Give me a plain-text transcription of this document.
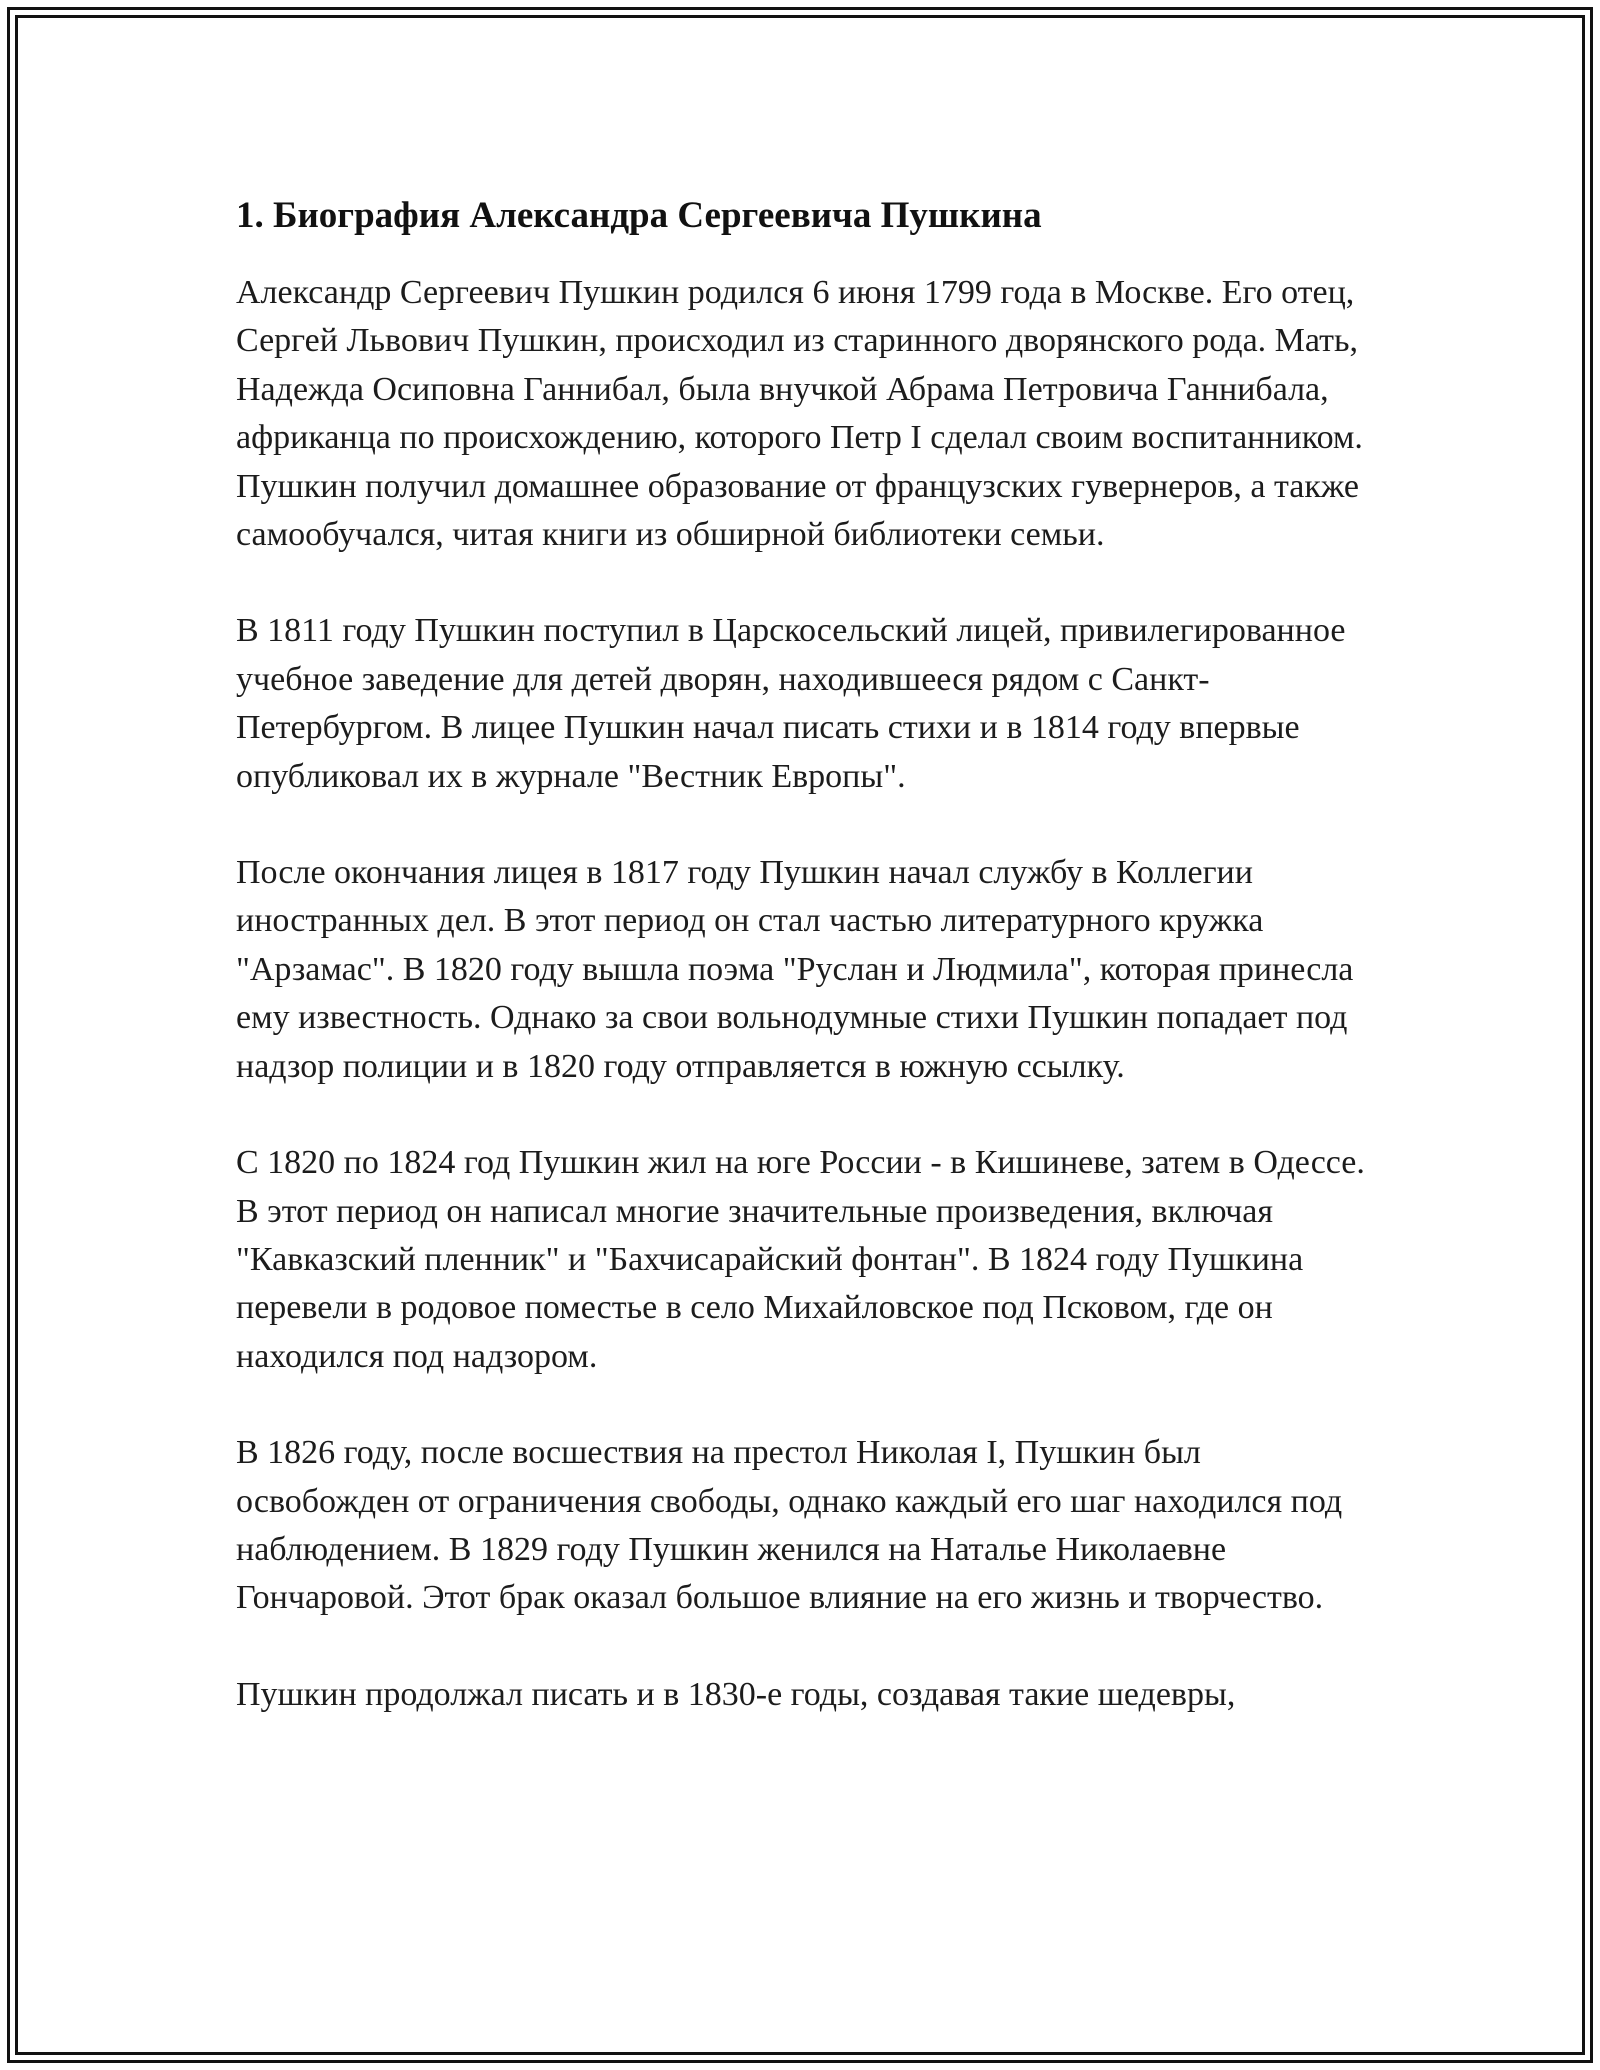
1. Биография Александра Сергеевича Пушкина

Александр Сергеевич Пушкин родился 6 июня 1799 года в Москве. Его отец, Сергей Львович Пушкин, происходил из старинного дворянского рода. Мать, Надежда Осиповна Ганнибал, была внучкой Абрама Петровича Ганнибала, африканца по происхождению, которого Петр I сделал своим воспитанником. Пушкин получил домашнее образование от французских гувернеров, а также самообучался, читая книги из обширной библиотеки семьи.

В 1811 году Пушкин поступил в Царскосельский лицей, привилегированное учебное заведение для детей дворян, находившееся рядом с Санкт-Петербургом. В лицее Пушкин начал писать стихи и в 1814 году впервые опубликовал их в журнале "Вестник Европы".

После окончания лицея в 1817 году Пушкин начал службу в Коллегии иностранных дел. В этот период он стал частью литературного кружка "Арзамас". В 1820 году вышла поэма "Руслан и Людмила", которая принесла ему известность. Однако за свои вольнодумные стихи Пушкин попадает под надзор полиции и в 1820 году отправляется в южную ссылку.

С 1820 по 1824 год Пушкин жил на юге России - в Кишиневе, затем в Одессе. В этот период он написал многие значительные произведения, включая "Кавказский пленник" и "Бахчисарайский фонтан". В 1824 году Пушкина перевели в родовое поместье в село Михайловское под Псковом, где он находился под надзором.

В 1826 году, после восшествия на престол Николая I, Пушкин был освобожден от ограничения свободы, однако каждый его шаг находился под наблюдением. В 1829 году Пушкин женился на Наталье Николаевне Гончаровой. Этот брак оказал большое влияние на его жизнь и творчество.

Пушкин продолжал писать и в 1830-е годы, создавая такие шедевры,
